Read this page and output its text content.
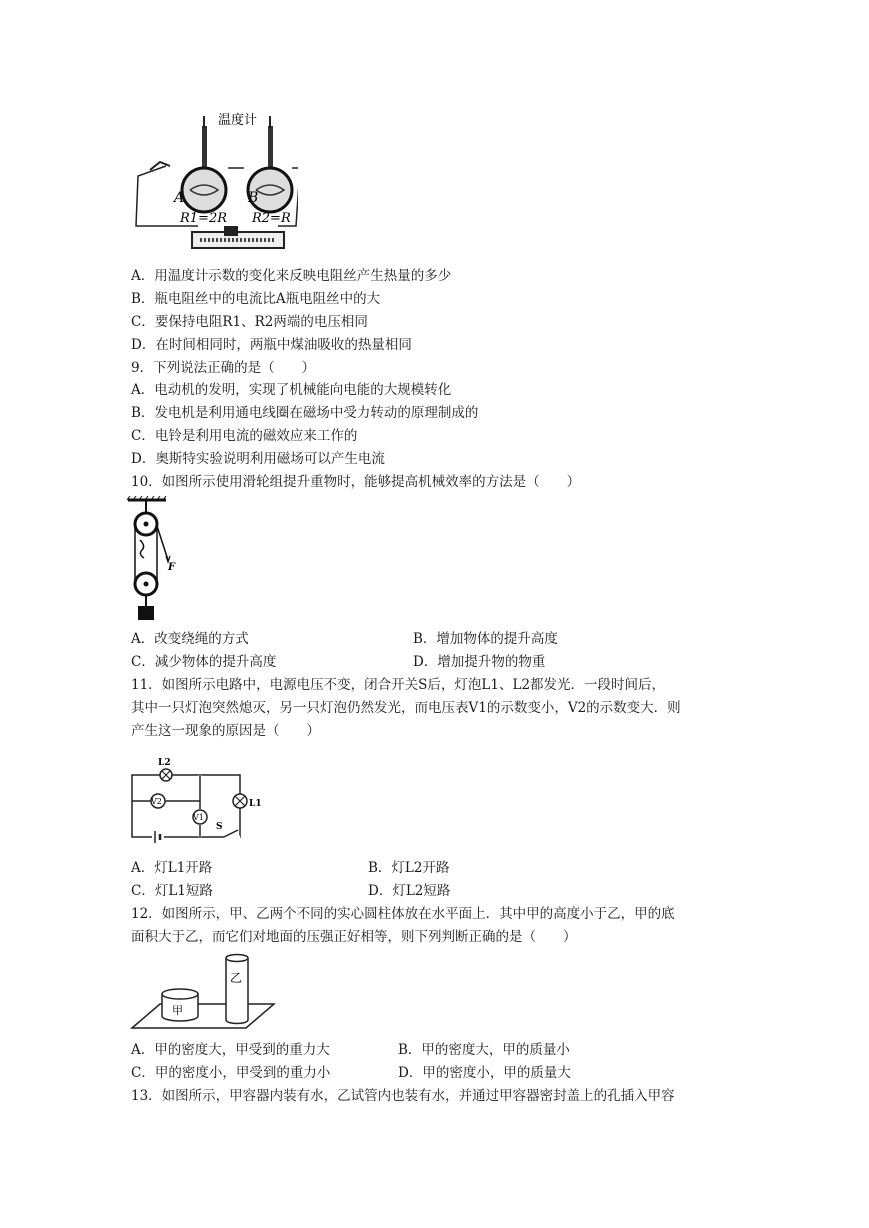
温度计
A	B
R1=2R R2=R
A．用温度计示数的变化来反映电阻丝产生热量的多少
B．瓶电阻丝中的电流比A瓶电阻丝中的大
C．要保持电阻R1、R2两端的电压相同
D．在时间相同时，两瓶中煤油吸收的热量相同
9．下列说法正确的是（　　）
A．电动机的发明，实现了机械能向电能的大规模转化
B．发电机是利用通电线圈在磁场中受力转动的原理制成的
C．电铃是利用电流的磁效应来工作的
D．奥斯特实验说明利用磁场可以产生电流
10．如图所示使用滑轮组提升重物时，能够提高机械效率的方法是（　　）
F
A．改变绕绳的方式	B．增加物体的提升高度
C．减少物体的提升高度	D．增加提升物的物重
11．如图所示电路中，电源电压不变，闭合开关S后，灯泡L1、L2都发光．一段时间后，
其中一只灯泡突然熄灭，另一只灯泡仍然发光，而电压表V1的示数变小，V2的示数变大．则
产生这一现象的原因是（　　）
L2
V2
V1
L1
S
A．灯L1开路	B．灯L2开路
C．灯L1短路	D．灯L2短路
12．如图所示，甲、乙两个不同的实心圆柱体放在水平面上．其中甲的高度小于乙，甲的底
面积大于乙，而它们对地面的压强正好相等，则下列判断正确的是（　　）
甲
乙
A．甲的密度大，甲受到的重力大	B．甲的密度大，甲的质量小
C．甲的密度小，甲受到的重力小	D．甲的密度小，甲的质量大
13．如图所示，甲容器内装有水，乙试管内也装有水，并通过甲容器密封盖上的孔插入甲容
